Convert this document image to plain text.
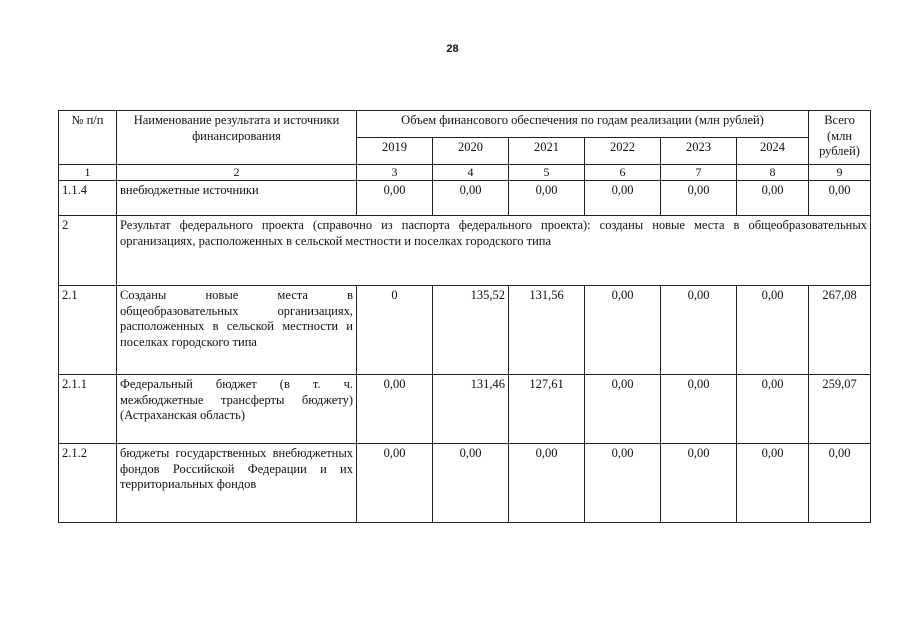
28
№ п/п	Наименование результата и источники финансирования	Объем финансового обеспечения по годам реализации (млн рублей)						Всего (млн рублей)
		2019	2020	2021	2022	2023	2024	
1	2	3	4	5	6	7	8	9
1.1.4	внебюджетные источники	0,00	0,00	0,00	0,00	0,00	0,00	0,00
2	Результат федерального проекта (справочно из паспорта федерального проекта): созданы новые места в общеобразовательных организациях, расположенных в сельской местности и поселках городского типа							
2.1	Созданы новые места в общеобразовательных организациях, расположенных в сельской местности и поселках городского типа	0	135,52	131,56	0,00	0,00	0,00	267,08
2.1.1	Федеральный бюджет (в т. ч. межбюджетные трансферты бюджету) (Астраханская область)	0,00	131,46	127,61	0,00	0,00	0,00	259,07
2.1.2	бюджеты государственных внебюджетных фондов Российской Федерации и их территориальных фондов	0,00	0,00	0,00	0,00	0,00	0,00	0,00
